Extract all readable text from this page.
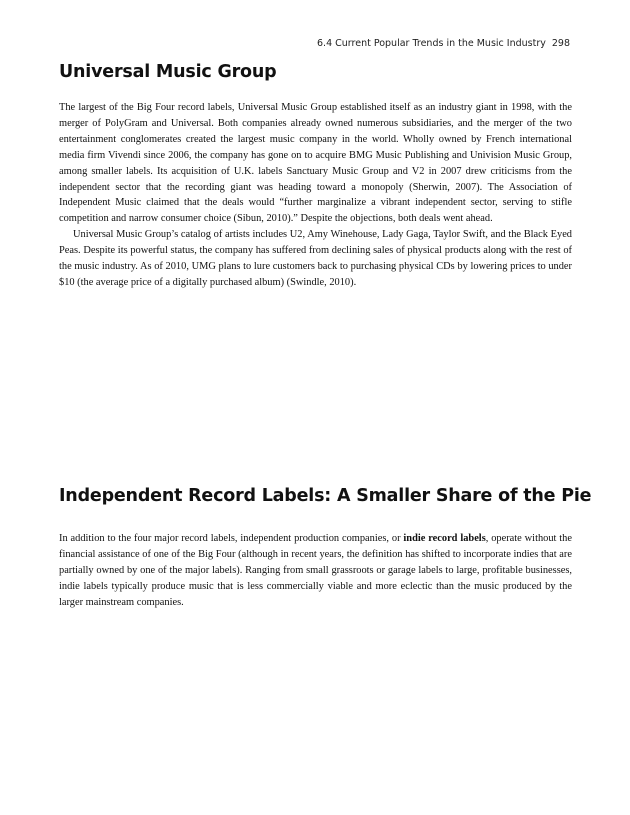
6.4 Current Popular Trends in the Music Industry 298
Universal Music Group

The largest of the Big Four record labels, Universal Music Group established itself as an industry giant in 1998, with the merger of PolyGram and Universal. Both companies already owned numerous subsidiaries, and the merger of the two entertainment conglomerates created the largest music company in the world. Wholly owned by French international media firm Vivendi since 2006, the company has gone on to acquire BMG Music Publishing and Univision Music Group, among smaller labels. Its acquisition of U.K. labels Sanctuary Music Group and V2 in 2007 drew criticisms from the independent sector that the recording giant was heading toward a monopoly (Sherwin, 2007). The Association of Independent Music claimed that the deals would “further marginalize a vibrant independent sector, serving to stifle competition and narrow consumer choice (Sibun, 2010).” Despite the objections, both deals went ahead.

Universal Music Group’s catalog of artists includes U2, Amy Winehouse, Lady Gaga, Taylor Swift, and the Black Eyed Peas. Despite its powerful status, the company has suffered from declining sales of physical products along with the rest of the music industry. As of 2010, UMG plans to lure customers back to purchasing physical CDs by lowering prices to under $10 (the average price of a digitally purchased album) (Swindle, 2010).

Independent Record Labels: A Smaller Share of the Pie

In addition to the four major record labels, independent production companies, or indie record labels, operate without the financial assistance of one of the Big Four (although in recent years, the definition has shifted to incorporate indies that are partially owned by one of the major labels). Ranging from small grassroots or garage labels to large, profitable businesses, indie labels typically produce music that is less commercially viable and more eclectic than the music produced by the larger mainstream companies.
